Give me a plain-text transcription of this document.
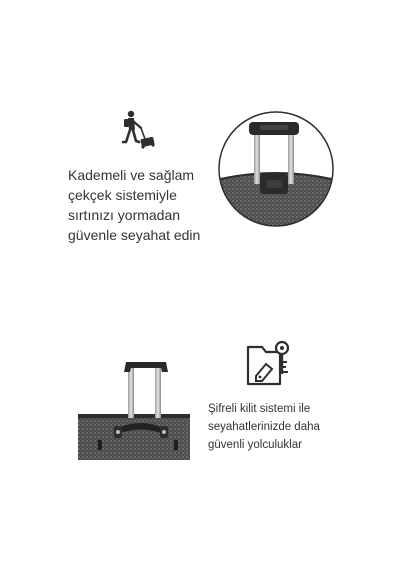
Kademeli ve sağlam
çekçek sistemiyle
sırtınızı yormadan
güvenle seyahat edin
Şifreli kilit sistemi ile
seyahatlerinizde daha
güvenli yolculuklar
